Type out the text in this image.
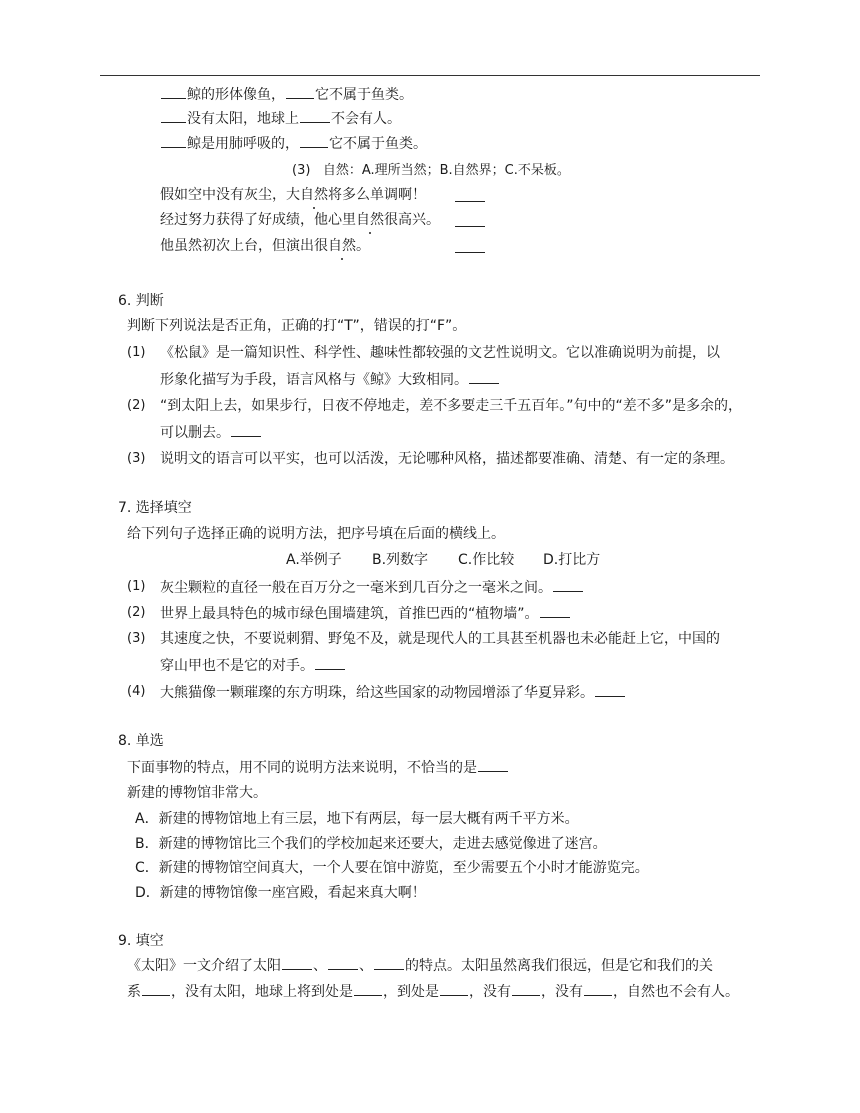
鲸的形体像鱼， 它不属于鱼类。
没有太阳，地球上 不会有人。
鲸是用肺呼吸的， 它不属于鱼类。
(3) 自然：A.理所当然；B.自然界；C.不呆板。
假如空中没有灰尘，大自然将多么单调啊！
经过努力获得了好成绩，他心里自然很高兴。
他虽然初次上台，但演出很自然。
6. 判断
判断下列说法是否正角，正确的打“T”，错误的打“F”。
(1)	《松鼠》是一篇知识性、科学性、趣味性都较强的文艺性说明文。它以准确说明为前提，以
形象化描写为手段，语言风格与《鲸》大致相同。
(2)	“到太阳上去，如果步行，日夜不停地走，差不多要走三千五百年。”句中的“差不多”是多余的，
可以删去。
(3)	说明文的语言可以平实，也可以活泼，无论哪种风格，描述都要准确、清楚、有一定的条理。
7. 选择填空
给下列句子选择正确的说明方法，把序号填在后面的横线上。
A.举例子 B.列数字 C.作比较 D.打比方
(1)	灰尘颗粒的直径一般在百万分之一毫米到几百分之一毫米之间。
(2)	世界上最具特色的城市绿色围墙建筑，首推巴西的“植物墙”。
(3)	其速度之快，不要说刺猬、野兔不及，就是现代人的工具甚至机器也未必能赶上它，中国的
穿山甲也不是它的对手。
(4)	大熊猫像一颗璀璨的东方明珠，给这些国家的动物园增添了华夏异彩。
8. 单选
下面事物的特点，用不同的说明方法来说明，不恰当的是
新建的博物馆非常大。
A．新建的博物馆地上有三层，地下有两层，每一层大概有两千平方米。
B．新建的博物馆比三个我们的学校加起来还要大，走进去感觉像进了迷宫。
C．新建的博物馆空间真大，一个人要在馆中游览，至少需要五个小时才能游览完。
D．新建的博物馆像一座宫殿，看起来真大啊！
9. 填空
《太阳》一文介绍了太阳 、 、 的特点。太阳虽然离我们很远，但是它和我们的关
系 ，没有太阳，地球上将到处是 ，到处是 ，没有 ，没有 ，自然也不会有人。
